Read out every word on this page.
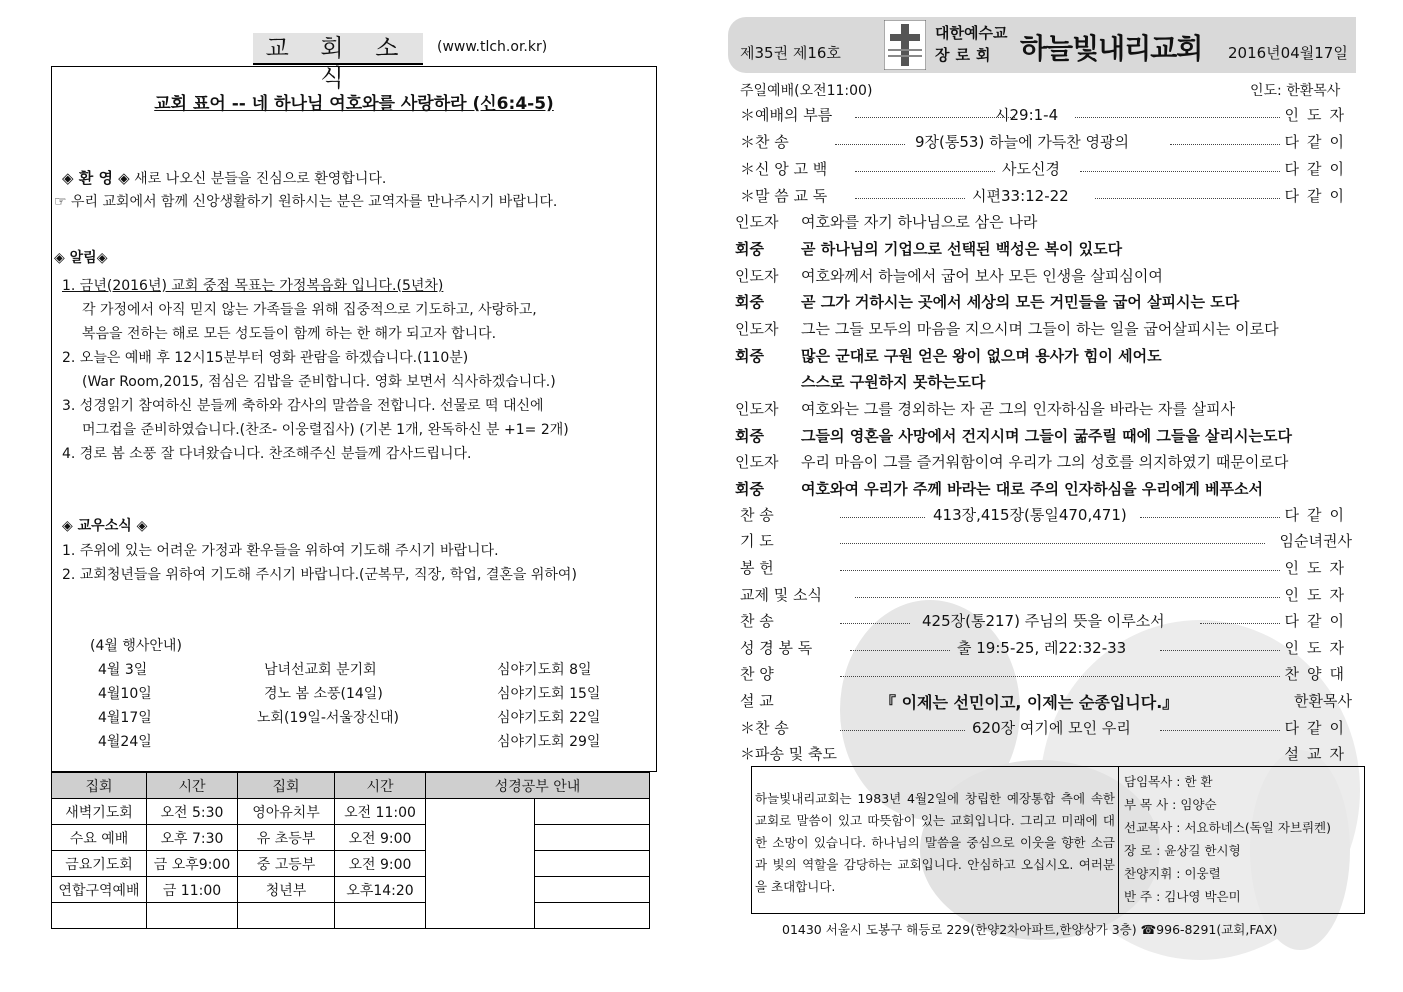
교 회 소 식
(www.tlch.or.kr)
교회 표어 -- 네 하나님 여호와를 사랑하라 (신6:4-5)
◈ 환 영 ◈ 새로 나오신 분들을 진심으로 환영합니다.
☞ 우리 교회에서 함께 신앙생활하기 원하시는 분은 교역자를 만나주시기 바랍니다.
◈ 알림◈
1. 금년(2016년) 교회 중점 목표는 가정복음화 입니다.(5년차)
각 가정에서 아직 믿지 않는 가족들을 위해 집중적으로 기도하고, 사랑하고,
복음을 전하는 해로 모든 성도들이 함께 하는 한 해가 되고자 합니다.
2. 오늘은 예배 후 12시15분부터 영화 관람을 하겠습니다.(110분)
(War Room,2015, 점심은 김밥을 준비합니다. 영화 보면서 식사하겠습니다.)
3. 성경읽기 참여하신 분들께 축하와 감사의 말씀을 전합니다. 선물로 떡 대신에
머그컵을 준비하였습니다.(찬조- 이웅렬집사) (기본 1개, 완독하신 분 +1= 2개)
4. 경로 봄 소풍 잘 다녀왔습니다. 찬조해주신 분들께 감사드립니다.
◈ 교우소식 ◈
1. 주위에 있는 어려운 가정과 환우들을 위하여 기도해 주시기 바랍니다.
2. 교회청년들을 위하여 기도해 주시기 바랍니다.(군복무, 직장, 학업, 결혼을 위하여)
(4월 행사안내)
4월 3일	남녀선교회 분기회	심야기도회 8일
4월10일	경노 봄 소풍(14일)	심야기도회 15일
4월17일	노회(19일-서울장신대)	심야기도회 22일
4월24일	심야기도회 29일
집회	시간	집회	시간	성경공부 안내	
새벽기도회	오전 5:30	영아유치부	오전 11:00		
수요 예배	오후 7:30	유 초등부	오전 9:00		
금요기도회	금 오후9:00	중 고등부	오전 9:00		
연합구역예배	금 11:00	청년부	오후14:20		

제35권 제16호
대한예수교
장로회 하늘빛내리교회 2016년04월17일
주일예배(오전11:00)	인도: 한환목사
＊예배의 부름	시29:1-4	인도자
＊찬 송	9장(통53) 하늘에 가득찬 영광의	다같이
＊신 앙 고 백	사도신경	다같이
＊말 씀 교 독	시편33:12-22	다같이
인도자 여호와를 자기 하나님으로 삼은 나라
회중 곧 하나님의 기업으로 선택된 백성은 복이 있도다
인도자 여호와께서 하늘에서 굽어 보사 모든 인생을 살피심이여
회중 곧 그가 거하시는 곳에서 세상의 모든 거민들을 굽어 살피시는 도다
인도자 그는 그들 모두의 마음을 지으시며 그들이 하는 일을 굽어살피시는 이로다
회중 많은 군대로 구원 얻은 왕이 없으며 용사가 힘이 세어도
스스로 구원하지 못하는도다
인도자 여호와는 그를 경외하는 자 곧 그의 인자하심을 바라는 자를 살피사
회중 그들의 영혼을 사망에서 건지시며 그들이 굶주릴 때에 그들을 살리시는도다
인도자 우리 마음이 그를 즐거워함이여 우리가 그의 성호를 의지하였기 때문이로다
회중 여호와여 우리가 주께 바라는 대로 주의 인자하심을 우리에게 베푸소서
찬 송	413장,415장(통일470,471)	다같이
기 도	임순녀권사
봉 헌	인도자
교제 및 소식	인도자
찬 송	425장(통217) 주님의 뜻을 이루소서	다같이
성 경 봉 독	출 19:5-25, 레22:32-33	인도자
찬 양	찬양대
설 교	『 이제는 선민이고, 이제는 순종입니다.』	한환목사
＊찬 송	620장 여기에 모인 우리	다같이
＊파송 및 축도	설교자
하늘빛내리교회는 1983년 4월2일에 창립한 예장통합 측에 속한 교회로 말씀이 있고 따뜻함이 있는 교회입니다. 그리고 미래에 대한 소망이 있습니다. 하나님의 말씀을 중심으로 이웃을 향한 소금과 빛의 역할을 감당하는 교회입니다. 안심하고 오십시오. 여러분을 초대합니다.
담임목사 : 한 환
부 목 사 : 임양순
선교목사 : 서요하네스(독일 자브뤼켄)
장 로 : 윤상길 한시형
찬양지휘 : 이웅렬
반 주 : 김나영 박은미
01430 서울시 도봉구 해등로 229(한양2차아파트,한양상가 3층) ☎996-8291(교회,FAX)
